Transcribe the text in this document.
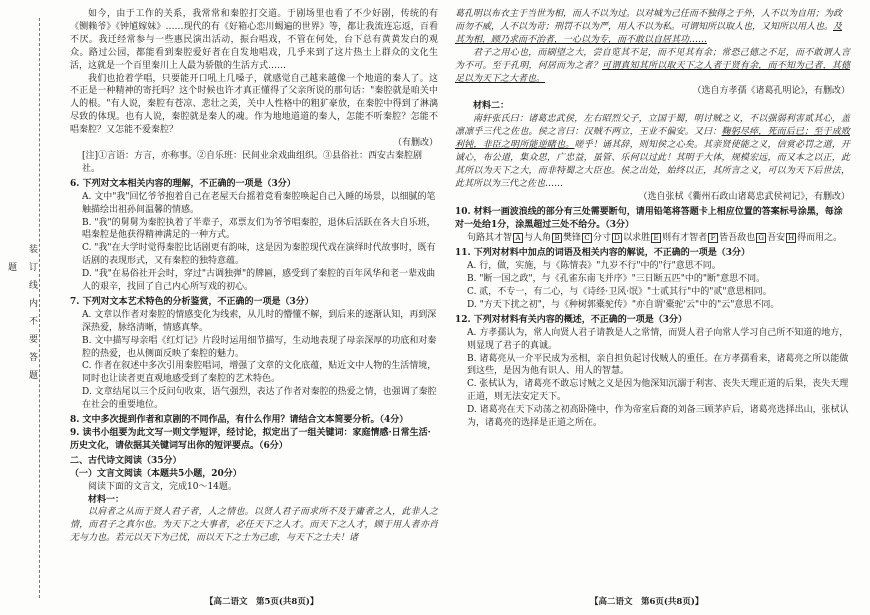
装

订

线

内

不

要

答

题
题

如今，由于工作的关系，我常常和秦腔打交道。于剧场里也看了不少好剧，传统的有《铡赖爷》《钟馗嫁妹》……现代的有《好箱心恋川蝎遍的世界》等，都让我流连忘返，百看不厌。我迁经常参与一些惠民演出活动，振台唱戏，不管在何处，台下总有黄黄发白的观众。路过公园，都能看到秦腔爱好者在自发地唱戏，几乎来到了这片热土上群众的文化生活，这就是一个百里秦川上人最为骄傲的生活方式……

我们也抢着学唱，只要能开口吼上几嗓子，就感觉自己越来越像一个地道的秦人了。这不正是一种精神的寄托吗？这个时候也许才真正懂得了父亲所说的那句话："秦腔就是咱关中人的根。"有人说，秦腔有苍凉、悲壮之美，关中人性格中的粗犷豪放，在秦腔中得到了淋漓尽致的体现。也有人说，秦腔就是秦人的魂。作为地地道道的秦人，怎能不听秦腔？怎能不唱秦腔？又怎能不爱秦腔？

（有删改）

[注]①言语：方言，亦称事。②自乐班：民间业余戏曲组织。③县俗社：西安古秦腔剧社。

6. 下列对文本相关内容的理解，不正确的一项是（3分）

A. 文中"我"回忆爷爷抱着自己在老屋天台摇着竟看秦腔唤起自己入睡的场景，以细腻的笔触描绘出祖孙间温馨的情感。

B. "我"的舅舅为秦腔执着了半辈子，邓票友们为爷爷唱秦腔，退休后活跃在各大自乐班，唱秦腔是他获得精神满足的一种方式。

C. "我"在大学时觉得秦腔比话剧更有韵味，这是因为秦腔现代戏在演绎时代故事时，既有话剧的表现形式，又有秦腔的独特意蕴。

D. "我"在易俗社开会时，穿过"古调独弹"的牌匾，感受到了秦腔的百年风华和老一辈戏曲人的艰辛，找回了自己内心所写戏的初心。

7. 下列对文本艺术特色的分析鉴赏，不正确的一项是（3分）

A. 文章以作者对秦腔的情感变化为线索，从儿时的懵懂不解，到后来的逐渐认知，再到深深热爱，脉络清晰，情感真挚。

B. 文中描写母亲唱《红灯记》片段时运用细节描写，生动地表现了母亲深厚的功底和对秦腔的热爱，也从侧面反映了秦腔的魅力。

C. 作者在叙述中多次引用秦腔唱词，增强了文章的文化底蕴，贴近文中人物的生活情境，同时也让读者更直观地感受到了秦腔的艺术特色。

D. 文章结尾以三个反问句收束，语气强烈，表达了作者对秦腔的热爱之情，也强调了秦腔在社会的重要地位。

8. 文中多次提到作者和京剧的不同作品，有什么作用？请结合文本简要分析。（4分）

9. 读书小组要为此文写一则文学短评，经讨论，拟定出了一组关键词：家庭情感·日常生活·历史文化，请依据其关键词写出你的短评要点。（6分）

二、古代诗文阅读（35分）

（一）文言文阅读（本题共5小题，20分）

阅读下面的文言文，完成10～14题。

材料一：

以肩者之从而于贤人君子者，人之情也。以贤人君子而求所不及于庸者之人，此非人之情，而君子之真尔也。为天下之大事者，必任天下之人才。而天下之人才，顾于用人者亦肖无与力也。若元以天下为己忧，而以天下之士为己虑，与天下之士夫！诸

葛孔明以布衣主于当世为相，而人不以为过。以对城为己任而不独得之于外，人不以为自用；为政而勿不威，人不以为苛；刑罚不以为严，用人不以为私。可谓知所以取人也，又知所以用人也。及其为相，顾乃求而不治者，一心以为专，而不敢以自居其功……

君子之用心也，而刷望之大，尝自览其不足，而不见其有余；常恐己德之不足，而不敢谓人言为不可。至于孔明，何居而为之者？可谓真知其所以取天下之人者于贤有余，而不知为己者，其德足以为天下之大者也。

（选自方孝孺《诸葛孔明论》，有删改）

材料二：

南轩张氏曰：诸葛忠武侯，左右昭烈父子，立国于蜀，明讨贼之义，不以强弱利害贰其心，盖凛凛乎三代之佐也。侯之言曰：汉贼不两立，王业不偏安。又曰：鞠躬尽瘁，死而后已；至于成败利钝，非臣之明所能逆睹也。嗟乎！诵其辞，则知侯之心矣。其亲贤使能之义，信赏必罚之道，开诚心，布公道，集众思，广忠益，虽管、乐何以过此！其明于大体，规模宏远，而又本之以正，此其所以为天下之大，而非特蜀之大臣也。侯之出处，始终以正，其所言之义，可以为天下后世法，此其所以为三代之佐也……

（选自张栻《衢州石政山诸葛忠武侯祠记》，有删改）

10. 材料一画波浪线的部分有三处需要断句，请用铅笔将答题卡上相应位置的答案标号涂黑，每涂对一处给1分，涂黑超过三处不给分。（3分）

句路其才智 A 与人角 B 樊锋 C 分寸 D 以求胜 E 则有才智者 F 皆吾敌也 G 吾安 H 得而用之。

11. 下列对材料中加点的词语及相关内容的解说，不正确的一项是（3分）

A. 行，做，实施，与《陈情表》"九岁不行"中的"行"意思不同。

B. "断一国之政"，与《孔雀东南飞并序》"三日断五匹"中的"断"意思不同。

C. 贰，不专一，有二心，与《诗经·卫风·氓》"士贰其行"中的"贰"意思相同。

D. "方天下扰之初"，与《种树郭橐驼传》"亦自谓'橐驼'云"中的"云"意思不同。

12. 下列对材料有关内容的概述，不正确的一项是（3分）

A. 方孝孺认为，常人向贤人君子请教是人之常情，而贤人君子向常人学习自己所不知道的地方，则显现了君子的真诚。

B. 诸葛亮从一介平民成为丞相，亲自担负起讨伐贼人的重任。在方孝孺看来，诸葛亮之所以能做到这些，是因为他有识人、用人的智慧。

C. 张栻认为，诸葛亮不敢忘讨贼之义是因为他深知沉溺于利害、丧失天理正道的后果，丧失天理正道，则无法安定天下。

D. 诸葛亮在天下动荡之初高卧隆中，作为帝室后裔的刘备三顾茅庐后，诸葛亮选择出山，张栻认为，诸葛亮的选择是正道之所在。

【高二语文　第5页(共8页)】	【高二语文　第6页(共8页)】
